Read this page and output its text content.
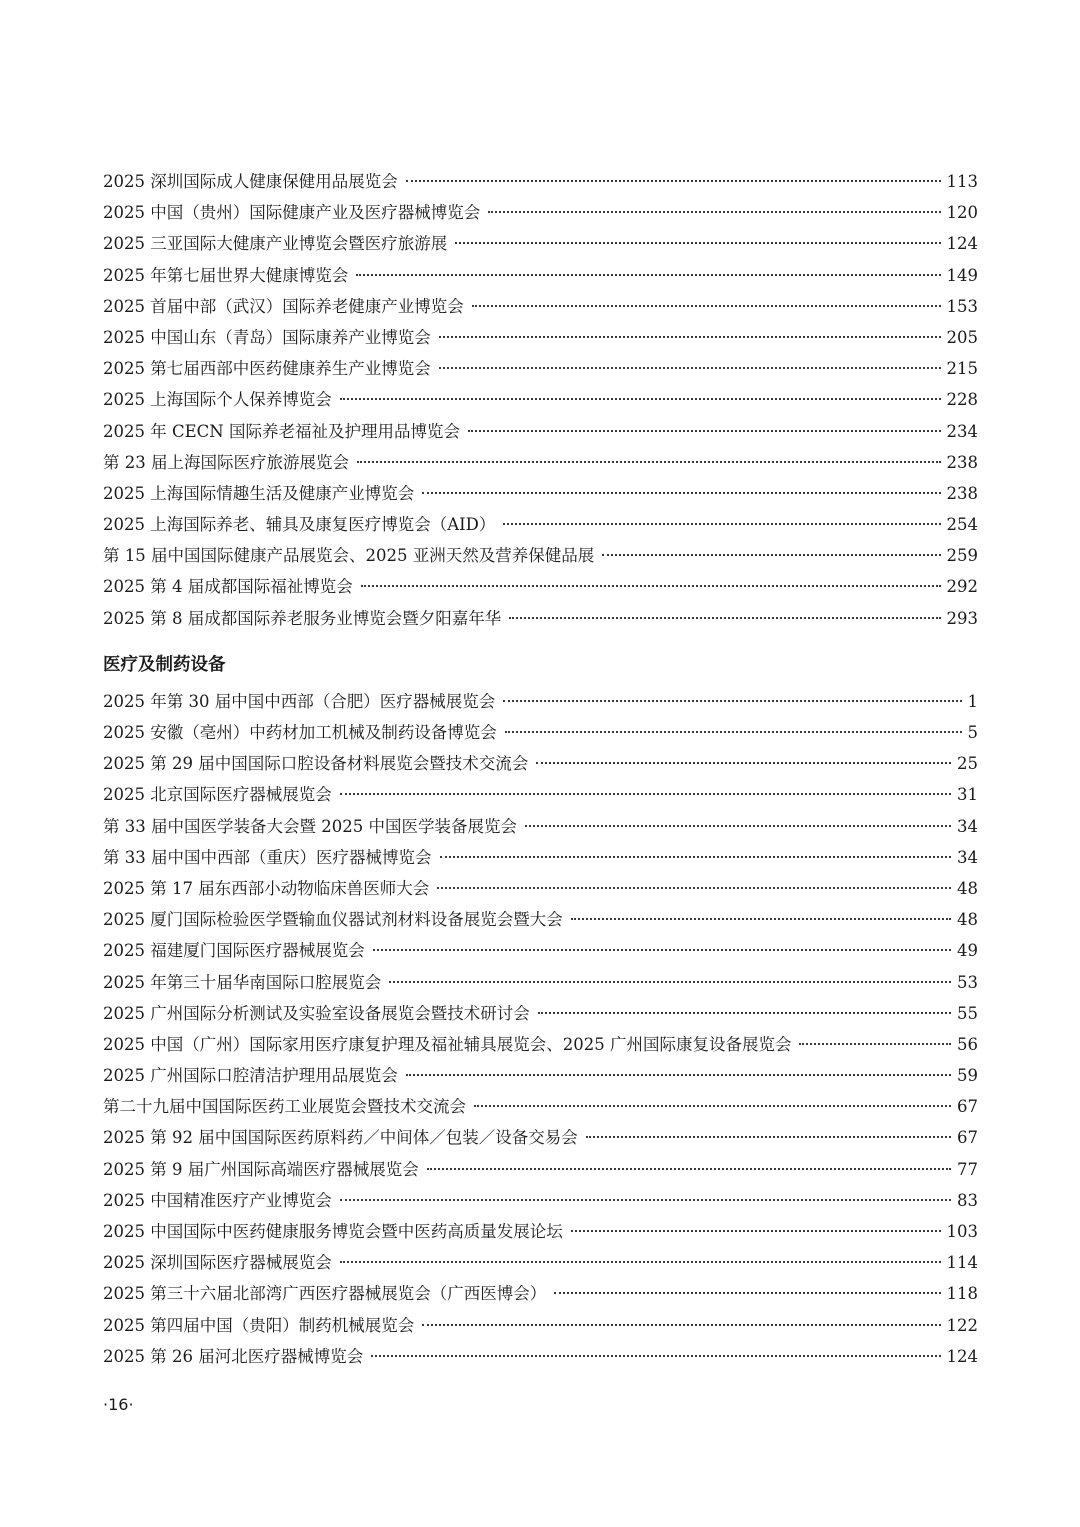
2025 深圳国际成人健康保健用品展览会	113
2025 中国（贵州）国际健康产业及医疗器械博览会	120
2025 三亚国际大健康产业博览会暨医疗旅游展	124
2025 年第七届世界大健康博览会	149
2025 首届中部（武汉）国际养老健康产业博览会	153
2025 中国山东（青岛）国际康养产业博览会	205
2025 第七届西部中医药健康养生产业博览会	215
2025 上海国际个人保养博览会	228
2025 年 CECN 国际养老福祉及护理用品博览会	234
第 23 届上海国际医疗旅游展览会	238
2025 上海国际情趣生活及健康产业博览会	238
2025 上海国际养老、辅具及康复医疗博览会（AID）	254
第 15 届中国国际健康产品展览会、2025 亚洲天然及营养保健品展	259
2025 第 4 届成都国际福祉博览会	292
2025 第 8 届成都国际养老服务业博览会暨夕阳嘉年华	293
医疗及制药设备
2025 年第 30 届中国中西部（合肥）医疗器械展览会	1
2025 安徽（亳州）中药材加工机械及制药设备博览会	5
2025 第 29 届中国国际口腔设备材料展览会暨技术交流会	25
2025 北京国际医疗器械展览会	31
第 33 届中国医学装备大会暨 2025 中国医学装备展览会	34
第 33 届中国中西部（重庆）医疗器械博览会	34
2025 第 17 届东西部小动物临床兽医师大会	48
2025 厦门国际检验医学暨输血仪器试剂材料设备展览会暨大会	48
2025 福建厦门国际医疗器械展览会	49
2025 年第三十届华南国际口腔展览会	53
2025 广州国际分析测试及实验室设备展览会暨技术研讨会	55
2025 中国（广州）国际家用医疗康复护理及福祉辅具展览会、2025 广州国际康复设备展览会	56
2025 广州国际口腔清洁护理用品展览会	59
第二十九届中国国际医药工业展览会暨技术交流会	67
2025 第 92 届中国国际医药原料药／中间体／包装／设备交易会	67
2025 第 9 届广州国际高端医疗器械展览会	77
2025 中国精准医疗产业博览会	83
2025 中国国际中医药健康服务博览会暨中医药高质量发展论坛	103
2025 深圳国际医疗器械展览会	114
2025 第三十六届北部湾广西医疗器械展览会（广西医博会）	118
2025 第四届中国（贵阳）制药机械展览会	122
2025 第 26 届河北医疗器械博览会	124
·16·
